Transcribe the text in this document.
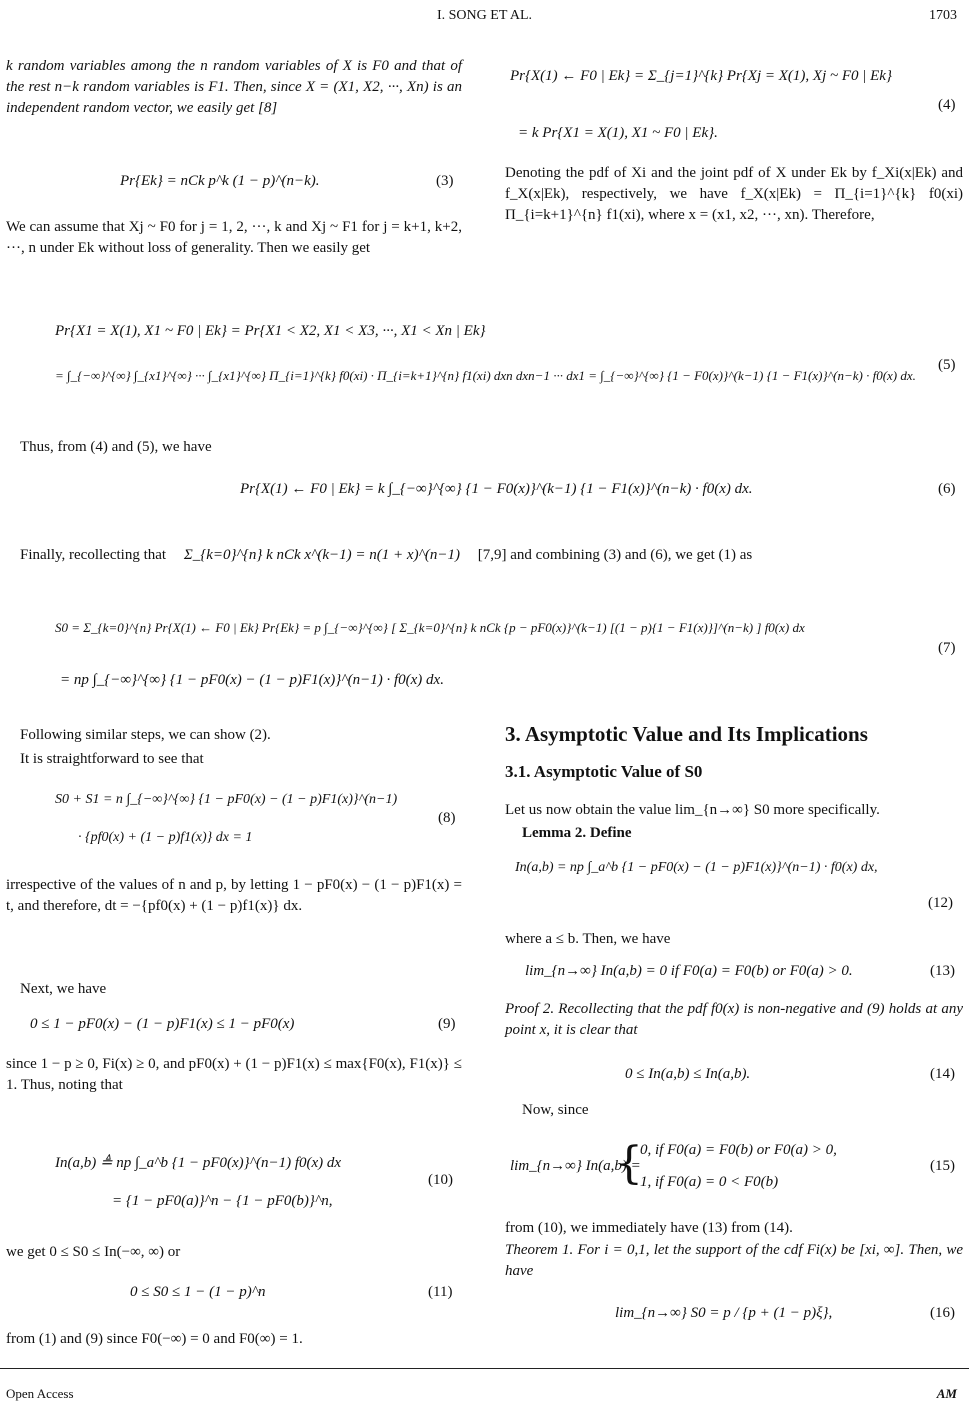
I. SONG ET AL.	1703
k random variables among the n random variables of X is F0 and that of the rest n−k random variables is F1. Then, since X = (X1, X2, ···, Xn) is an independent random vector, we easily get [8]
Pr{Ek} = nCk p^k (1 − p)^(n−k).	(3)
We can assume that Xj ~ F0 for j = 1, 2, ···, k and Xj ~ F1 for j = k+1, k+2, ···, n under Ek without loss of generality. Then we easily get
Pr{X(1) ← F0 | Ek} = Σ_{j=1}^{k} Pr{Xj = X(1), Xj ~ F0 | Ek}
= k Pr{X1 = X(1), X1 ~ F0 | Ek}.
(4)
Denoting the pdf of Xi and the joint pdf of X under Ek by f_Xi(x|Ek) and f_X(x|Ek), respectively, we have f_X(x|Ek) = Π_{i=1}^{k} f0(xi) Π_{i=k+1}^{n} f1(xi), where x = (x1, x2, ···, xn). Therefore,
Pr{X1 = X(1), X1 ~ F0 | Ek} = Pr{X1 < X2, X1 < X3, ···, X1 < Xn | Ek}
= ∫_{−∞}^{∞} ∫_{x1}^{∞} ··· ∫_{x1}^{∞} Π_{i=1}^{k} f0(xi) · Π_{i=k+1}^{n} f1(xi) dxn dxn−1 ··· dx1 = ∫_{−∞}^{∞} {1 − F0(x)}^(k−1) {1 − F1(x)}^(n−k) · f0(x) dx.
(5)
Thus, from (4) and (5), we have
Pr{X(1) ← F0 | Ek} = k ∫_{−∞}^{∞} {1 − F0(x)}^(k−1) {1 − F1(x)}^(n−k) · f0(x) dx.	(6)
Finally, recollecting that Σ_{k=0}^{n} k nCk x^(k−1) = n(1 + x)^(n−1) [7,9] and combining (3) and (6), we get (1) as
S0 = Σ_{k=0}^{n} Pr{X(1) ← F0 | Ek} Pr{Ek} = p ∫_{−∞}^{∞} [ Σ_{k=0}^{n} k nCk {p − pF0(x)}^(k−1) [(1 − p){1 − F1(x)}]^(n−k) ] f0(x) dx
= np ∫_{−∞}^{∞} {1 − pF0(x) − (1 − p)F1(x)}^(n−1) · f0(x) dx.
(7)
Following similar steps, we can show (2).
It is straightforward to see that
S0 + S1 = n ∫_{−∞}^{∞} {1 − pF0(x) − (1 − p)F1(x)}^(n−1)
· {pf0(x) + (1 − p)f1(x)} dx = 1
(8)
irrespective of the values of n and p, by letting 1 − pF0(x) − (1 − p)F1(x) = t, and therefore, dt = −{pf0(x) + (1 − p)f1(x)} dx.
Next, we have
0 ≤ 1 − pF0(x) − (1 − p)F1(x) ≤ 1 − pF0(x)	(9)
since 1 − p ≥ 0, Fi(x) ≥ 0, and pF0(x) + (1 − p)F1(x) ≤ max{F0(x), F1(x)} ≤ 1. Thus, noting that
In(a,b) ≜ np ∫_a^b {1 − pF0(x)}^(n−1) f0(x) dx
= {1 − pF0(a)}^n − {1 − pF0(b)}^n,
(10)
we get 0 ≤ S0 ≤ In(−∞, ∞) or
0 ≤ S0 ≤ 1 − (1 − p)^n	(11)
from (1) and (9) since F0(−∞) = 0 and F0(∞) = 1.
3. Asymptotic Value and Its Implications
3.1. Asymptotic Value of S0
Let us now obtain the value lim_{n→∞} S0 more specifically.
Lemma 2. Define
In(a,b) = np ∫_a^b {1 − pF0(x) − (1 − p)F1(x)}^(n−1) · f0(x) dx,
(12)
where a ≤ b. Then, we have
lim_{n→∞} In(a,b) = 0 if F0(a) = F0(b) or F0(a) > 0.	(13)
Proof 2. Recollecting that the pdf f0(x) is non-negative and (9) holds at any point x, it is clear that
0 ≤ In(a,b) ≤ In(a,b).	(14)
Now, since
lim_{n→∞} In(a,b) =
{
0, if F0(a) = F0(b) or F0(a) > 0,
1, if F0(a) = 0 < F0(b)
(15)
from (10), we immediately have (13) from (14).
Theorem 1. For i = 0,1, let the support of the cdf Fi(x) be [xi, ∞]. Then, we have
lim_{n→∞} S0 = p / {p + (1 − p)ξ},	(16)
Open Access	AM
